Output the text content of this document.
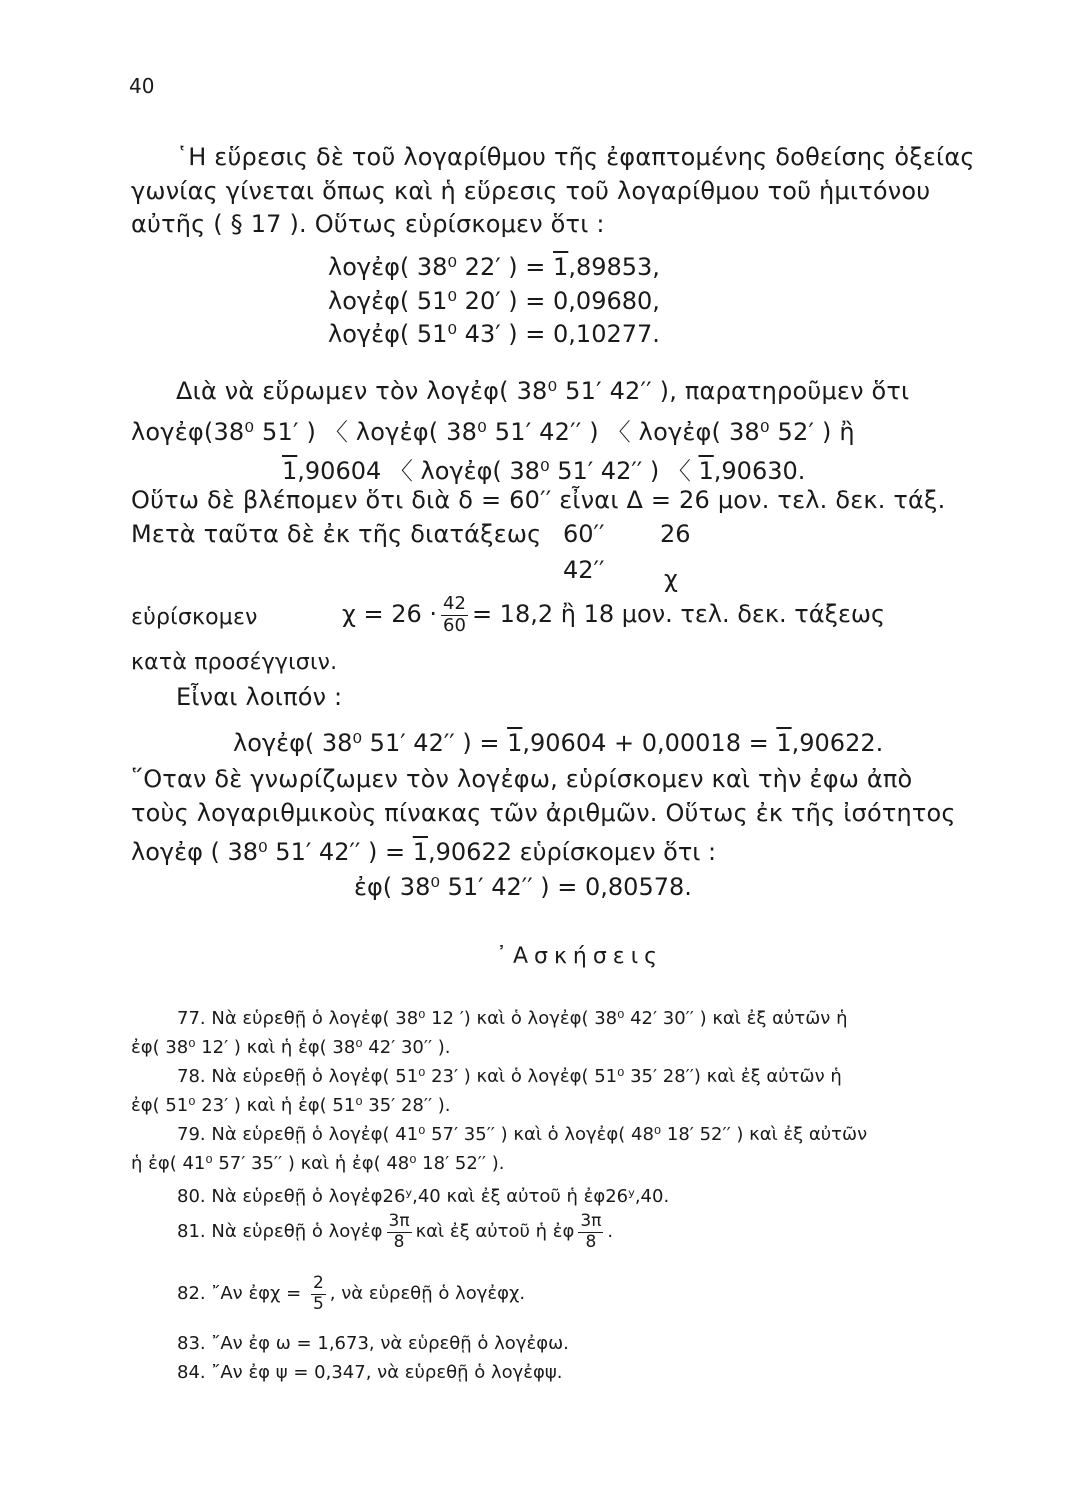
40
῾Η εὕρεσις δὲ τοῦ λογαρίθμου τῆς ἐφαπτομένης δοθείσης ὀξείας
γωνίας γίνεται ὅπως καὶ ἡ εὕρεσις τοῦ λογαρίθμου τοῦ ἡμιτόνου
αὐτῆς ( § 17 ). Οὕτως εὑρίσκομεν ὅτι :
λογἐφ( 38⁰ 22′ ) = 1,89853,
λογἐφ( 51⁰ 20′ ) = 0,09680,
λογἐφ( 51⁰ 43′ ) = 0,10277.
Διὰ νὰ εὕρωμεν τὸν λογἐφ( 38⁰ 51′ 42′′ ), παρατηροῦμεν ὅτι
λογἐφ(38⁰ 51′ ) 〈 λογἐφ( 38⁰ 51′ 42′′ ) 〈 λογἐφ( 38⁰ 52′ ) ἢ
1,90604 〈 λογἐφ( 38⁰ 51′ 42′′ ) 〈 1,90630.
Οὕτω δὲ βλέπομεν ὅτι διὰ δ = 60′′ εἶναι Δ = 26 μον. τελ. δεκ. τάξ.
Μετὰ ταῦτα δὲ ἐκ τῆς διατάξεως 60′′ 26
42′′ χ
εὑρίσκομεν	$\chi = 26 \cdot \frac{42}{60} = 18,2$ ἢ 18 μον. τελ. δεκ. τάξεως
κατὰ προσέγγισιν.
Εἶναι λοιπόν :
λογἐφ( 38⁰ 51′ 42′′ ) = 1,90604 + 0,00018 = 1,90622.
῞Οταν δὲ γνωρίζωμεν τὸν λογἐφω, εὑρίσκομεν καὶ τὴν ἐφω ἀπὸ
τοὺς λογαριθμικοὺς πίνακας τῶν ἀριθμῶν. Οὕτως ἐκ τῆς ἰσότητος
λογἐφ ( 38⁰ 51′ 42′′ ) = 1,90622 εὑρίσκομεν ὅτι :
ἐφ( 38⁰ 51′ 42′′ ) = 0,80578.
᾽Ασκήσεις
77. Νὰ εὑρεθῇ ὁ λογἐφ( 38⁰ 12 ′) καὶ ὁ λογἐφ( 38⁰ 42′ 30′′ ) καὶ ἐξ αὐτῶν ἡ
ἐφ( 38⁰ 12′ ) καὶ ἡ ἐφ( 38⁰ 42′ 30′′ ).
78. Νὰ εὑρεθῇ ὁ λογἐφ( 51⁰ 23′ ) καὶ ὁ λογἐφ( 51⁰ 35′ 28′′) καὶ ἐξ αὐτῶν ἡ
ἐφ( 51⁰ 23′ ) καὶ ἡ ἐφ( 51⁰ 35′ 28′′ ).
79. Νὰ εὑρεθῇ ὁ λογἐφ( 41⁰ 57′ 35′′ ) καὶ ὁ λογἐφ( 48⁰ 18′ 52′′ ) καὶ ἐξ αὐτῶν
ἡ ἐφ( 41⁰ 57′ 35′′ ) καὶ ἡ ἐφ( 48⁰ 18′ 52′′ ).
80. Νὰ εὑρεθῇ ὁ λογἐφ26ʸ,40 καὶ ἐξ αὐτοῦ ἡ ἐφ26ʸ,40.
81. Νὰ εὑρεθῇ ὁ λογἐφ $\frac{3\pi}{8}$ καὶ ἐξ αὐτοῦ ἡ ἐφ $\frac{3\pi}{8}$ .
82. ῎Αν ἐφχ = $\frac{2}{5}$ , νὰ εὑρεθῇ ὁ λογἐφχ.
83. ῎Αν ἐφ ω = 1,673, νὰ εὑρεθῇ ὁ λογἐφω.
84. ῎Αν ἐφ ψ = 0,347, νὰ εὑρεθῇ ὁ λογἐφψ.
